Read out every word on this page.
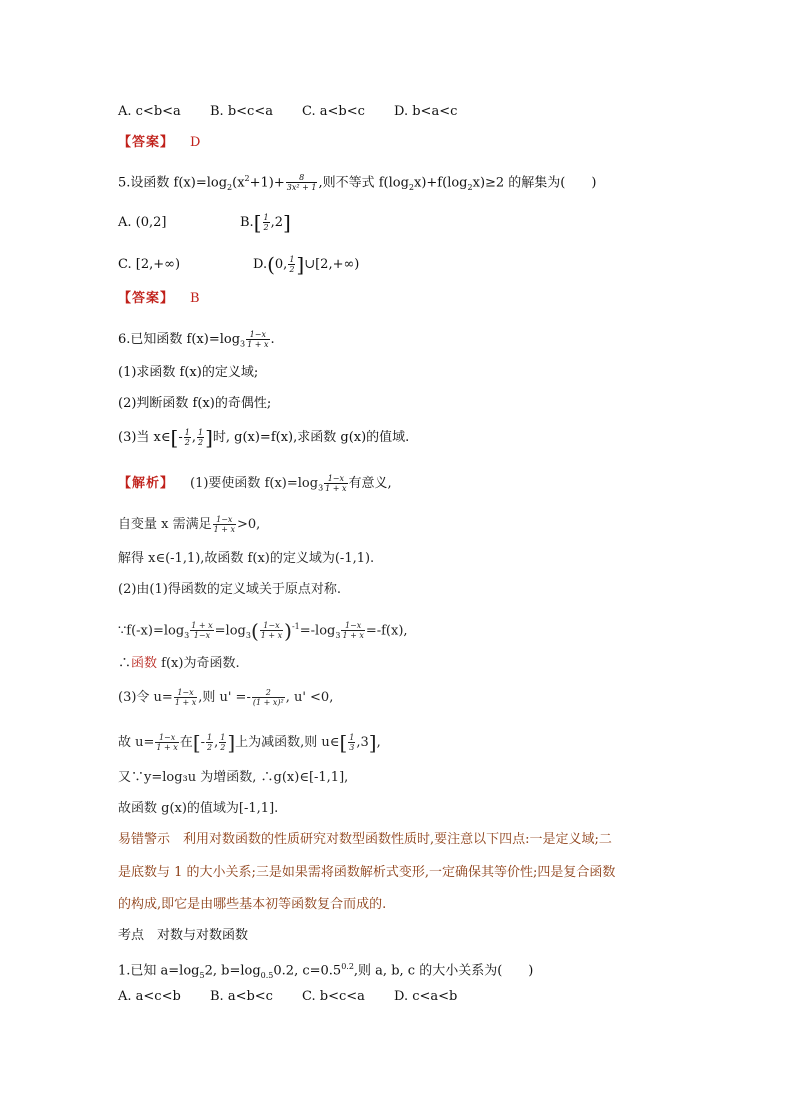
A. c<b<a B. b<c<a C. a<b<c D. b<a<c
【答案】 D
5.设函数 $f(x)=\log_2(x^2+1)+ \frac{8}{\text{3x² + 1}}$ ,则不等式 $f(\log_2x)+f(\log_2x)\ge 2$ 的解集为(　　)
A. (0,2]	$B.[ \frac{1}{2} ,2]$
C. [2,+∞)	D.(0, $\frac{1}{2}$ ]∪[2,+∞)
【答案】 B
6.已知函数 $f(x)=\log_3 \frac{1-x}{1 + x}$ .
(1)求函数 f(x)的定义域;
(2)判断函数 f(x)的奇偶性;
(3)当 x∈[- $\frac{1}{2}$ , $\frac{1}{2}$ ]时, g(x)=f(x),求函数 g(x)的值域.
【解析】 (1)要使函数 $f(x)=\log_3 \frac{1-x}{1 + x}$ 有意义,
自变量 x 需满足 $\frac{1-x}{1 + x} >0$,
解得 x∈(-1,1),故函数 f(x)的定义域为(-1,1).
(2)由(1)得函数的定义域关于原点对称.
$\because f(-x)=\log_3 \frac{1 + x}{1-x} =\log_3( \frac{1-x}{1 + x} )^{-1}=-\log_3 \frac{1-x}{1 + x} =-f(x)$,
∴函数 f(x)为奇函数.
(3)令 $u= \frac{1-x}{1 + x}$ ,则 $u' =- \frac{2}{\text{(1 + x)²}}$ , u' <0,
故 $u= \frac{1-x}{1 + x}$ 在[- $\frac{1}{2}$ , $\frac{1}{2}$ ]上为减函数,则 u∈[ $\frac{1}{3} ,3$],
又∵y=log₃u 为增函数, ∴g(x)∈[-1,1],
故函数 g(x)的值域为[-1,1].
易错警示　利用对数函数的性质研究对数型函数性质时,要注意以下四点:一是定义域;二
是底数与 1 的大小关系;三是如果需将函数解析式变形,一定确保其等价性;四是复合函数
的构成,即它是由哪些基本初等函数复合而成的.
考点　对数与对数函数
1.已知 $a=\log_52$, $b=\log_{0.5}0.2$, $c=0.5^{0.2}$,则 a, b, c 的大小关系为(　　)
A. a<c<b B. a<b<c C. b<c<a D. c<a<b
